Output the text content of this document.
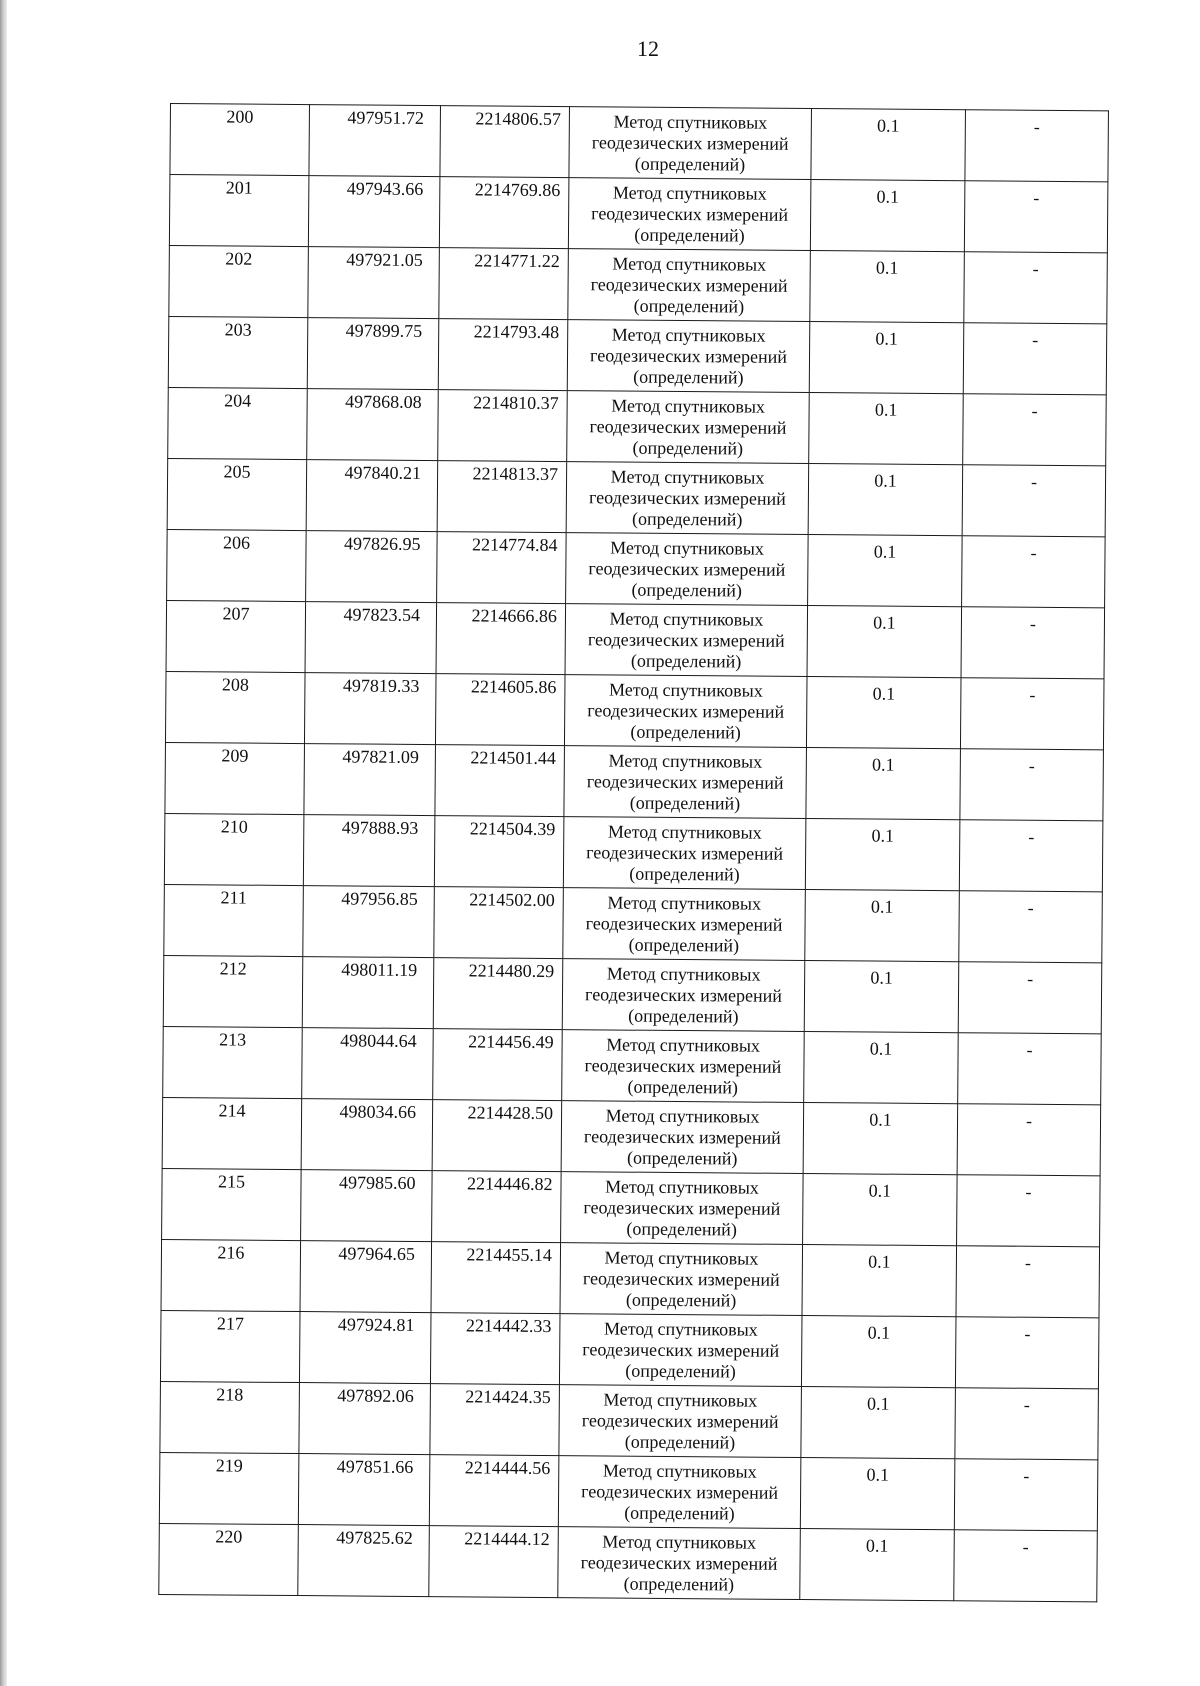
12
200	497951.72	2214806.57	Метод спутниковых
геодезических измерений
(определений)	0.1	-
201	497943.66	2214769.86	Метод спутниковых
геодезических измерений
(определений)	0.1	-
202	497921.05	2214771.22	Метод спутниковых
геодезических измерений
(определений)	0.1	-
203	497899.75	2214793.48	Метод спутниковых
геодезических измерений
(определений)	0.1	-
204	497868.08	2214810.37	Метод спутниковых
геодезических измерений
(определений)	0.1	-
205	497840.21	2214813.37	Метод спутниковых
геодезических измерений
(определений)	0.1	-
206	497826.95	2214774.84	Метод спутниковых
геодезических измерений
(определений)	0.1	-
207	497823.54	2214666.86	Метод спутниковых
геодезических измерений
(определений)	0.1	-
208	497819.33	2214605.86	Метод спутниковых
геодезических измерений
(определений)	0.1	-
209	497821.09	2214501.44	Метод спутниковых
геодезических измерений
(определений)	0.1	-
210	497888.93	2214504.39	Метод спутниковых
геодезических измерений
(определений)	0.1	-
211	497956.85	2214502.00	Метод спутниковых
геодезических измерений
(определений)	0.1	-
212	498011.19	2214480.29	Метод спутниковых
геодезических измерений
(определений)	0.1	-
213	498044.64	2214456.49	Метод спутниковых
геодезических измерений
(определений)	0.1	-
214	498034.66	2214428.50	Метод спутниковых
геодезических измерений
(определений)	0.1	-
215	497985.60	2214446.82	Метод спутниковых
геодезических измерений
(определений)	0.1	-
216	497964.65	2214455.14	Метод спутниковых
геодезических измерений
(определений)	0.1	-
217	497924.81	2214442.33	Метод спутниковых
геодезических измерений
(определений)	0.1	-
218	497892.06	2214424.35	Метод спутниковых
геодезических измерений
(определений)	0.1	-
219	497851.66	2214444.56	Метод спутниковых
геодезических измерений
(определений)	0.1	-
220	497825.62	2214444.12	Метод спутниковых
геодезических измерений
(определений)	0.1	-
